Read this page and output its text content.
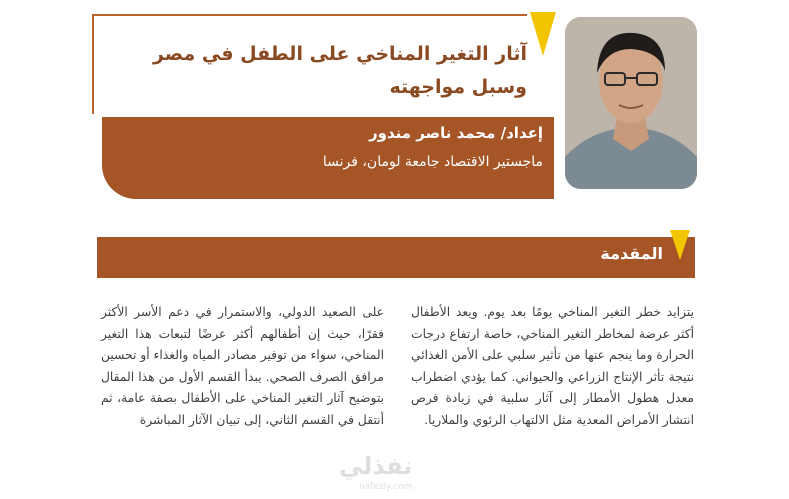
آثار التغير المناخي على الطفل في مصر
وسبل مواجهته
إعداد/ محمد ناصر مندور
ماجستير الاقتصاد جامعة لومان، فرنسا
المقدمة

يتزايد خطر التغير المناخي يومًا بعد يوم. ويعد الأطفال أكثر عرضة لمخاطر التغير المناخي، خاصة ارتفاع درجات الحرارة وما ينجم عنها من تأثير سلبي على الأمن الغذائي نتيجة تأثر الإنتاج الزراعي والحيواني. كما يؤدي اضطراب معدل هطول الأمطار إلى آثار سلبية في زيادة فرص انتشار الأمراض المعدية مثل الالتهاب الرئوي والملاريا.

على الصعيد الدولي، والاستمرار في دعم الأسر الأكثر فقرًا، حيث إن أطفالهم أكثر عرضًا لتبعات هذا التغير المناخي، سواء من توفير مصادر المياه والغذاء أو تحسين مرافق الصرف الصحي. يبدأ القسم الأول من هذا المقال بتوضيح آثار التغير المناخي على الأطفال بصفة عامة، ثم أنتقل في القسم الثاني، إلى تبيان الآثار المباشرة

نفذلي
nafezly.com
